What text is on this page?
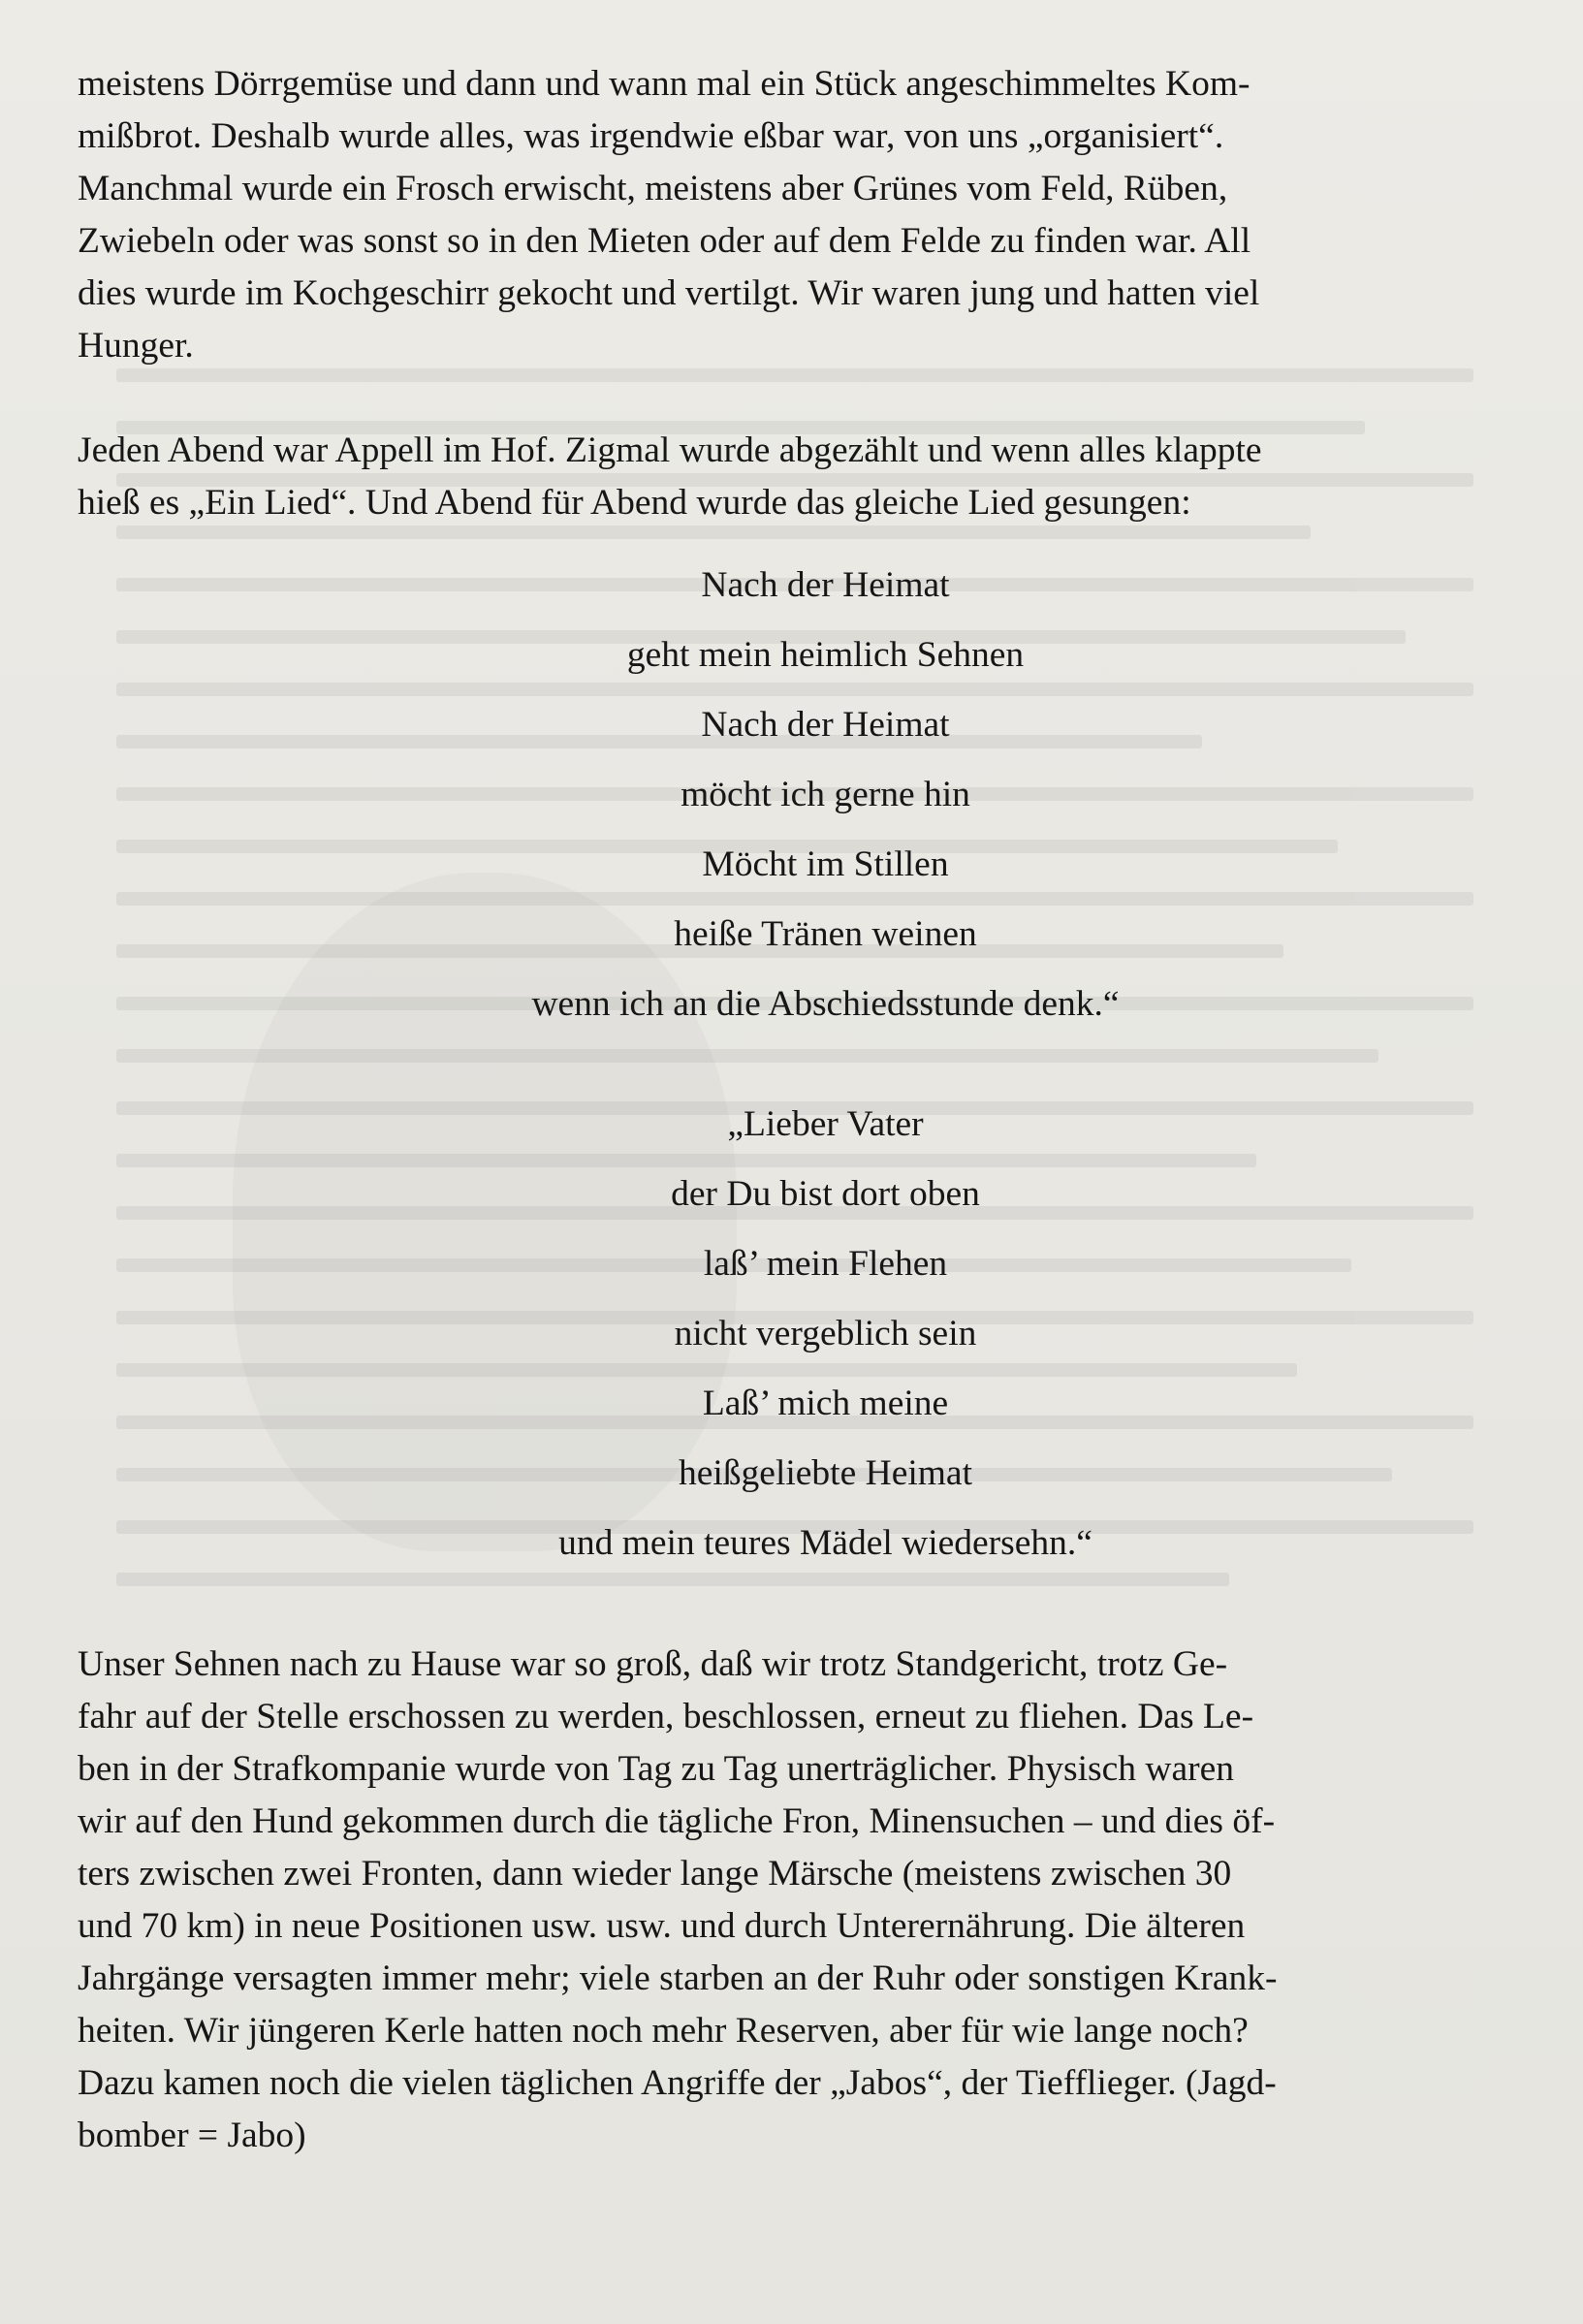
meistens Dörrgemüse und dann und wann mal ein Stück angeschimmeltes Kom-

mißbrot. Deshalb wurde alles, was irgendwie eßbar war, von uns „organisiert“.

Manchmal wurde ein Frosch erwischt, meistens aber Grünes vom Feld, Rüben,

Zwiebeln oder was sonst so in den Mieten oder auf dem Felde zu finden war. All

dies wurde im Kochgeschirr gekocht und vertilgt. Wir waren jung und hatten viel

Hunger.

Jeden Abend war Appell im Hof. Zigmal wurde abgezählt und wenn alles klappte

hieß es „Ein Lied“. Und Abend für Abend wurde das gleiche Lied gesungen:

Nach der Heimat
geht mein heimlich Sehnen
Nach der Heimat
möcht ich gerne hin
Möcht im Stillen
heiße Tränen weinen
wenn ich an die Abschiedsstunde denk.“
„Lieber Vater
der Du bist dort oben
laß’ mein Flehen
nicht vergeblich sein
Laß’ mich meine
heißgeliebte Heimat
und mein teures Mädel wiedersehn.“

Unser Sehnen nach zu Hause war so groß, daß wir trotz Standgericht, trotz Ge-

fahr auf der Stelle erschossen zu werden, beschlossen, erneut zu fliehen. Das Le-

ben in der Strafkompanie wurde von Tag zu Tag unerträglicher. Physisch waren

wir auf den Hund gekommen durch die tägliche Fron, Minensuchen – und dies öf-

ters zwischen zwei Fronten, dann wieder lange Märsche (meistens zwischen 30

und 70 km) in neue Positionen usw. usw. und durch Unterernährung. Die älteren

Jahrgänge versagten immer mehr; viele starben an der Ruhr oder sonstigen Krank-

heiten. Wir jüngeren Kerle hatten noch mehr Reserven, aber für wie lange noch?

Dazu kamen noch die vielen täglichen Angriffe der „Jabos“, der Tiefflieger. (Jagd-

bomber = Jabo)
